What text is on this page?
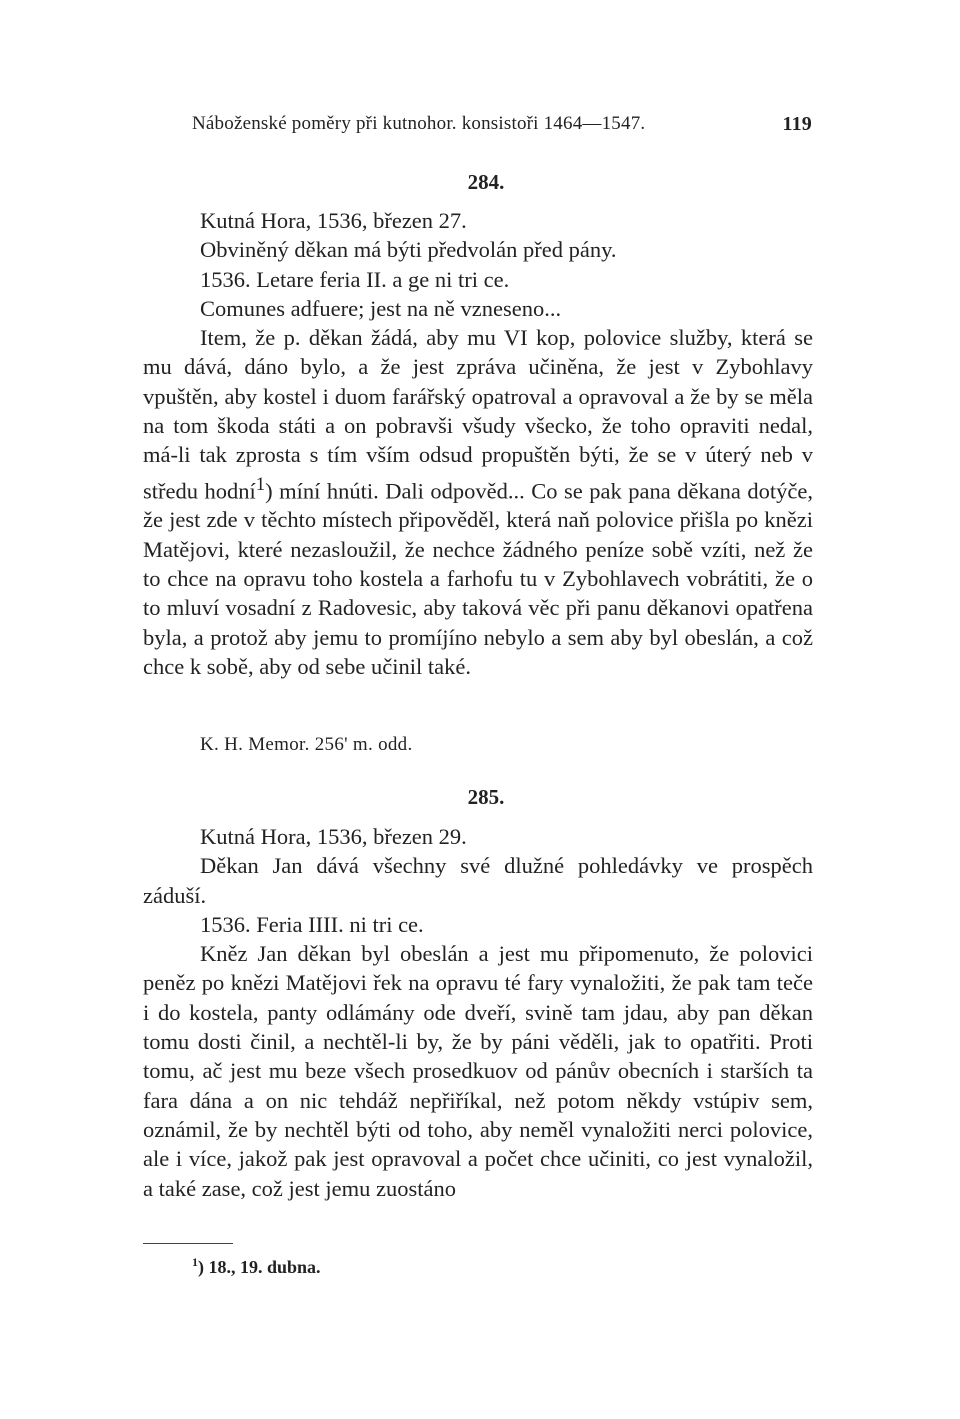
Náboženské poměry při kutnohor. konsistoři 1464—1547.	119
284.

Kutná Hora, 1536, březen 27.

Obviněný děkan má býti předvolán před pány.

1536. Letare feria II. a ge ni tri ce.

Comunes adfuere; jest na ně vzneseno...

Item, že p. děkan žádá, aby mu VI kop, polovice služby, která se mu dává, dáno bylo, a že jest zpráva učiněna, že jest v Zybohlavy vpuštěn, aby kostel i duom farářský opatroval a opravoval a že by se měla na tom škoda státi a on pobravši všudy všecko, že toho opraviti nedal, má-li tak zprosta s tím vším odsud propuštěn býti, že se v úterý neb v středu hodní$^1$) míní hnúti. Dali odpověd... Co se pak pana děkana dotýče, že jest zde v těchto místech připověděl, která naň polovice přišla po knězi Matějovi, které nezasloužil, že nechce žádného peníze sobě vzíti, než že to chce na opravu toho kostela a farhofu tu v Zybohlavech vobrátiti, že o to mluví vosadní z Radovesic, aby taková věc při panu děkanovi opatřena byla, a protož aby jemu to promíjíno nebylo a sem aby byl obeslán, a což chce k sobě, aby od sebe učinil také.

K. H. Memor. 256' m. odd.
285.

Kutná Hora, 1536, březen 29.

Děkan Jan dává všechny své dlužné pohledávky ve prospěch záduší.

1536. Feria IIII. ni tri ce.

Kněz Jan děkan byl obeslán a jest mu připomenuto, že polovici peněz po knězi Matějovi řek na opravu té fary vynaložiti, že pak tam teče i do kostela, panty odlámány ode dveří, svině tam jdau, aby pan děkan tomu dosti činil, a nechtěl-li by, že by páni věděli, jak to opatřiti. Proti tomu, ač jest mu beze všech prosedkuov od pánův obecních i starších ta fara dána a on nic tehdáž nepřiříkal, než potom někdy vstúpiv sem, oznámil, že by nechtěl býti od toho, aby neměl vynaložiti nerci polovice, ale i více, jakož pak jest opravoval a počet chce učiniti, co jest vynaložil, a také zase, což jest jemu zuostáno

$^1$) 18., 19. dubna.
